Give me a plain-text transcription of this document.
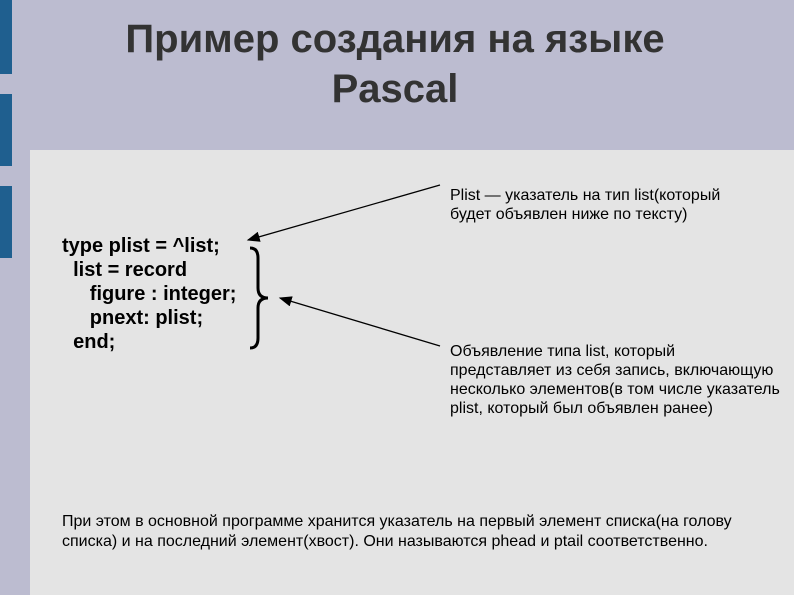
Пример создания на языке
Pascal
type plist = ^list;
list = record
figure : integer;
pnext: plist;
end;
Plist — указатель на тип list(который будет объявлен ниже по тексту)
Объявление типа list, который представляет из себя запись, включающую несколько элементов(в том числе указатель plist, который был объявлен ранее)
При этом в основной программе хранится указатель на первый элемент списка(на голову списка) и на последний элемент(хвост). Они называются phead и ptail соответственно.
